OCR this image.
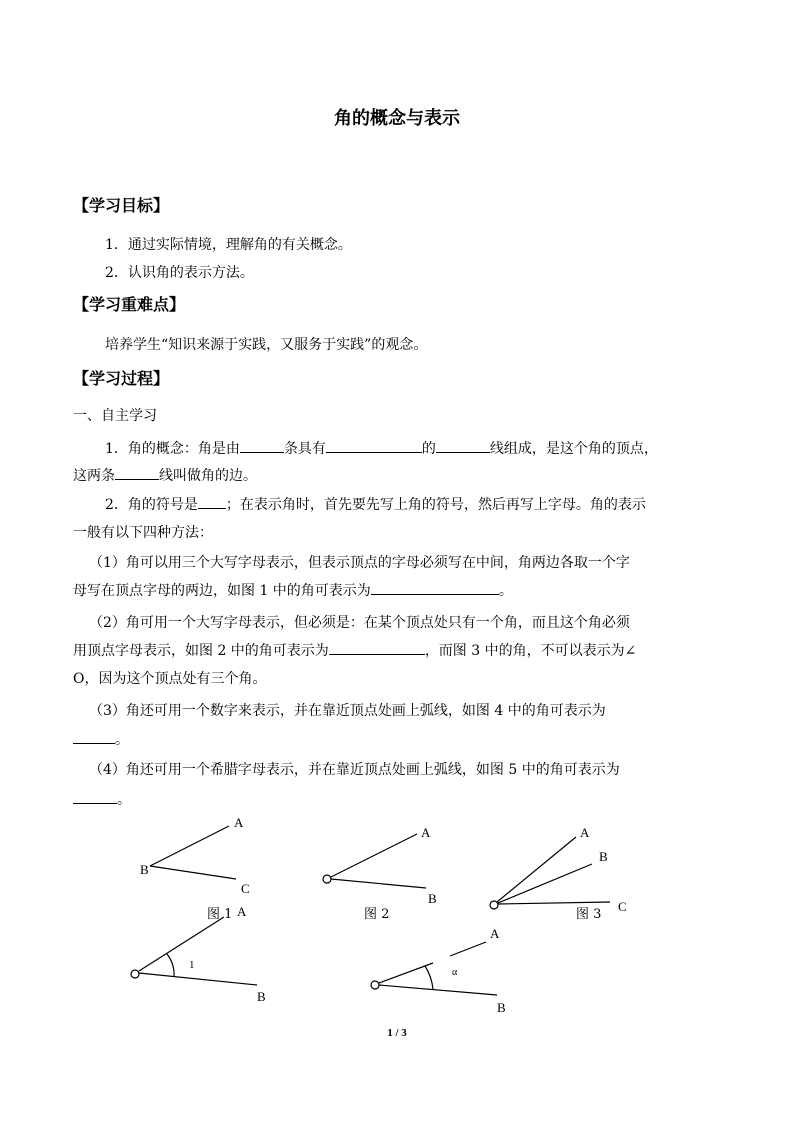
角的概念与表示
【学习目标】
1．通过实际情境，理解角的有关概念。
2．认识角的表示方法。
【学习重难点】
培养学生“知识来源于实践，又服务于实践”的观念。
【学习过程】
一、自主学习
1．角的概念：角是由	条具有	的	线组成，是这个角的顶点，
这两条	线叫做角的边。
2．角的符号是 ；在表示角时，首先要先写上角的符号，然后再写上字母。角的表示
一般有以下四种方法：
（1）角可以用三个大写字母表示，但表示顶点的字母必须写在中间，角两边各取一个字
母写在顶点字母的两边，如图 1 中的角可表示为	。
（2）角可用一个大写字母表示，但必须是：在某个顶点处只有一个角，而且这个角必须
用顶点字母表示，如图 2 中的角可表示为	，而图 3 中的角，不可以表示为∠
O，因为这个顶点处有三个角。
（3）角还可用一个数字来表示，并在靠近顶点处画上弧线，如图 4 中的角可表示为
。
（4）角还可用一个希腊字母表示，并在靠近顶点处画上弧线，如图 5 中的角可表示为
。
A
B
C
图 1
A
B
图 2
A
B
C
图 3
A
1
B
A
α
B
1 / 3
